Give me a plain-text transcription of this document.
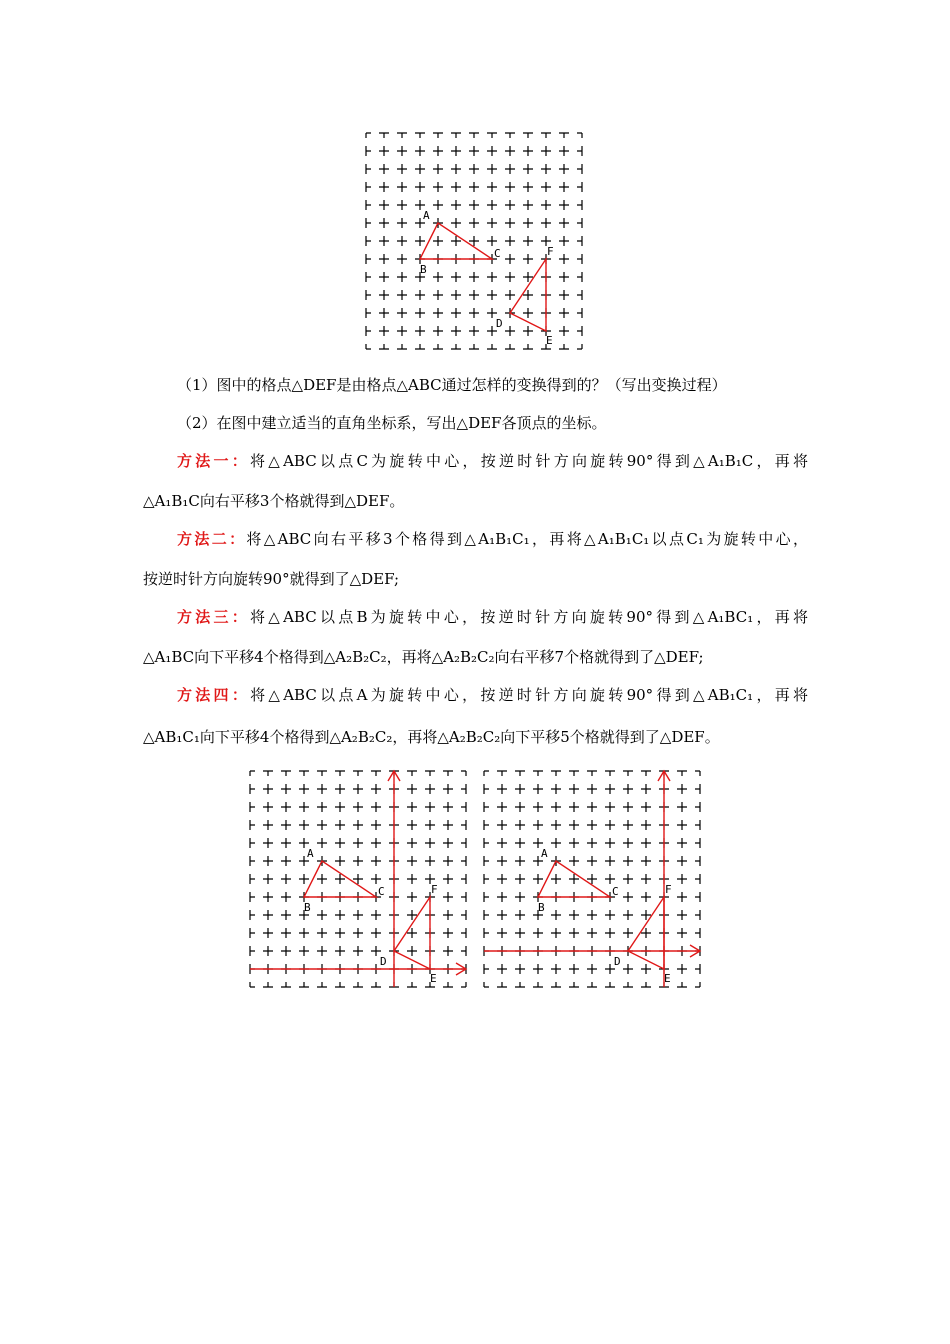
A
B
C
D
E
F

（1）图中的格点△DEF是由格点△ABC通过怎样的变换得到的？（写出变换过程）

（2）在图中建立适当的直角坐标系，写出△DEF各顶点的坐标。

方法一：将△ABC以点C为旋转中心，按逆时针方向旋转90°得到△A₁B₁C，再将

△A₁B₁C向右平移3个格就得到△DEF。

方法二：将△ABC向右平移3个格得到△A₁B₁C₁，再将△A₁B₁C₁以点C₁为旋转中心，

按逆时针方向旋转90°就得到了△DEF;

方法三：将△ABC以点B为旋转中心，按逆时针方向旋转90°得到△A₁BC₁，再将

△A₁BC向下平移4个格得到△A₂B₂C₂，再将△A₂B₂C₂向右平移7个格就得到了△DEF;

方法四：将△ABC以点A为旋转中心，按逆时针方向旋转90°得到△AB₁C₁，再将

△AB₁C₁向下平移4个格得到△A₂B₂C₂，再将△A₂B₂C₂向下平移5个格就得到了△DEF。

A
B
C
D
E
F
A
B
C
D
E
F
